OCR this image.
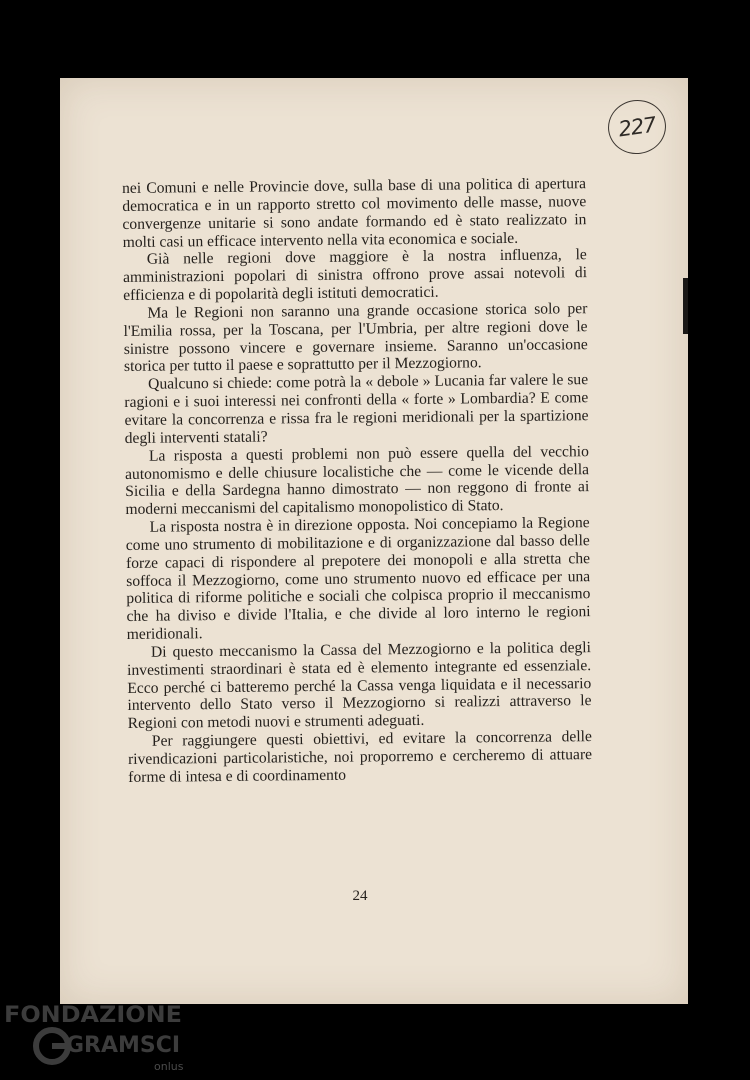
227

nei Comuni e nelle Provincie dove, sulla base di una politica di apertura democratica e in un rapporto stretto col movimento delle masse, nuove convergenze unitarie si sono andate formando ed è stato realizzato in molti casi un efficace intervento nella vita economica e sociale.

Già nelle regioni dove maggiore è la nostra influenza, le amministrazioni popolari di sinistra offrono prove assai notevoli di efficienza e di popolarità degli istituti democratici.

Ma le Regioni non saranno una grande occasione storica solo per l'Emilia rossa, per la Toscana, per l'Umbria, per altre regioni dove le sinistre possono vincere e governare insieme. Saranno un'occasione storica per tutto il paese e soprattutto per il Mezzogiorno.

Qualcuno si chiede: come potrà la « debole » Lucania far valere le sue ragioni e i suoi interessi nei confronti della « forte » Lombardia? E come evitare la concorrenza e rissa fra le regioni meridionali per la spartizione degli interventi statali?

La risposta a questi problemi non può essere quella del vecchio autonomismo e delle chiusure localistiche che — come le vicende della Sicilia e della Sardegna hanno dimostrato — non reggono di fronte ai moderni meccanismi del capitalismo monopolistico di Stato.

La risposta nostra è in direzione opposta. Noi concepiamo la Regione come uno strumento di mobilitazione e di organizzazione dal basso delle forze capaci di rispondere al prepotere dei monopoli e alla stretta che soffoca il Mezzogiorno, come uno strumento nuovo ed efficace per una politica di riforme politiche e sociali che colpisca proprio il meccanismo che ha diviso e divide l'Italia, e che divide al loro interno le regioni meridionali.

Di questo meccanismo la Cassa del Mezzogiorno e la politica degli investimenti straordinari è stata ed è elemento integrante ed essenziale. Ecco perché ci batteremo perché la Cassa venga liquidata e il necessario intervento dello Stato verso il Mezzogiorno si realizzi attraverso le Regioni con metodi nuovi e strumenti adeguati.

Per raggiungere questi obiettivi, ed evitare la concorrenza delle rivendicazioni particolaristiche, noi proporremo e cercheremo di attuare forme di intesa e di coordinamento

24
FONDAZIONE
GRAMSCI
onlus
